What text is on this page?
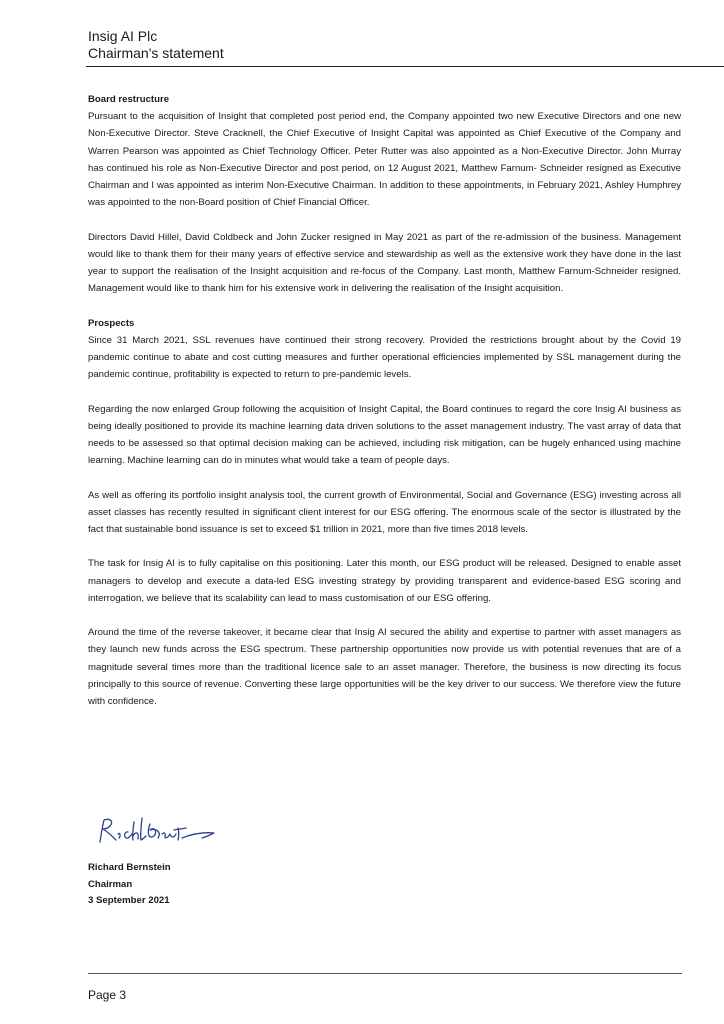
Insig AI Plc
Chairman's statement
Board restructure

Pursuant to the acquisition of Insight that completed post period end, the Company appointed two new Executive Directors and one new Non-Executive Director. Steve Cracknell, the Chief Executive of Insight Capital was appointed as Chief Executive of the Company and Warren Pearson was appointed as Chief Technology Officer. Peter Rutter was also appointed as a Non-Executive Director. John Murray has continued his role as Non-Executive Director and post period, on 12 August 2021, Matthew Farnum- Schneider resigned as Executive Chairman and I was appointed as interim Non-Executive Chairman. In addition to these appointments, in February 2021, Ashley Humphrey was appointed to the non-Board position of Chief Financial Officer.

Directors David Hillel, David Coldbeck and John Zucker resigned in May 2021 as part of the re-admission of the business. Management would like to thank them for their many years of effective service and stewardship as well as the extensive work they have done in the last year to support the realisation of the Insight acquisition and re-focus of the Company. Last month, Matthew Farnum-Schneider resigned. Management would like to thank him for his extensive work in delivering the realisation of the Insight acquisition.

Prospects

Since 31 March 2021, SSL revenues have continued their strong recovery. Provided the restrictions brought about by the Covid 19 pandemic continue to abate and cost cutting measures and further operational efficiencies implemented by SSL management during the pandemic continue, profitability is expected to return to pre-pandemic levels.

Regarding the now enlarged Group following the acquisition of Insight Capital, the Board continues to regard the core Insig AI business as being ideally positioned to provide its machine learning data driven solutions to the asset management industry. The vast array of data that needs to be assessed so that optimal decision making can be achieved, including risk mitigation, can be hugely enhanced using machine learning. Machine learning can do in minutes what would take a team of people days.

As well as offering its portfolio insight analysis tool, the current growth of Environmental, Social and Governance (ESG) investing across all asset classes has recently resulted in significant client interest for our ESG offering. The enormous scale of the sector is illustrated by the fact that sustainable bond issuance is set to exceed $1 trillion in 2021, more than five times 2018 levels.

The task for Insig AI is to fully capitalise on this positioning. Later this month, our ESG product will be released. Designed to enable asset managers to develop and execute a data-led ESG investing strategy by providing transparent and evidence-based ESG scoring and interrogation, we believe that its scalability can lead to mass customisation of our ESG offering.

Around the time of the reverse takeover, it became clear that Insig AI secured the ability and expertise to partner with asset managers as they launch new funds across the ESG spectrum. These partnership opportunities now provide us with potential revenues that are of a magnitude several times more than the traditional licence sale to an asset manager. Therefore, the business is now directing its focus principally to this source of revenue. Converting these large opportunities will be the key driver to our success. We therefore view the future with confidence.

Richard Bernstein
Chairman
3 September 2021
Page 3
